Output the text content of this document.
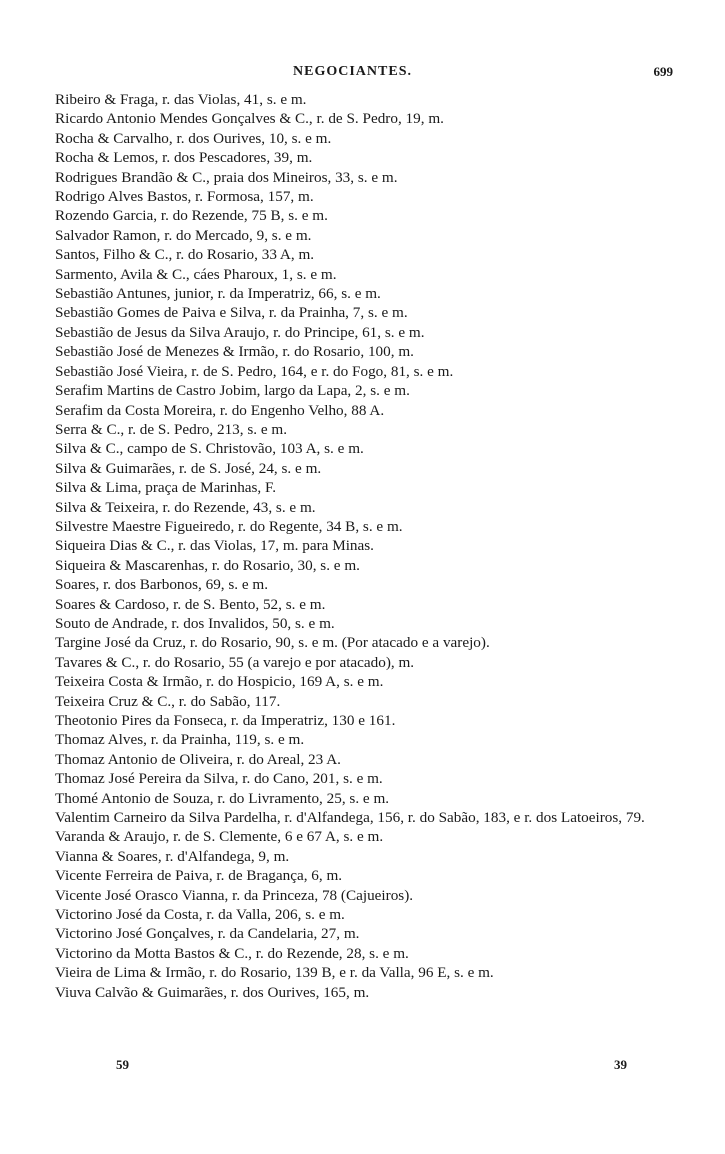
NEGOCIANTES.	699
Ribeiro & Fraga, r. das Violas, 41, s. e m.
Ricardo Antonio Mendes Gonçalves & C., r. de S. Pedro, 19, m.
Rocha & Carvalho, r. dos Ourives, 10, s. e m.
Rocha & Lemos, r. dos Pescadores, 39, m.
Rodrigues Brandão & C., praia dos Mineiros, 33, s. e m.
Rodrigo Alves Bastos, r. Formosa, 157, m.
Rozendo Garcia, r. do Rezende, 75 B, s. e m.
Salvador Ramon, r. do Mercado, 9, s. e m.
Santos, Filho & C., r. do Rosario, 33 A, m.
Sarmento, Avila & C., cáes Pharoux, 1, s. e m.
Sebastião Antunes, junior, r. da Imperatriz, 66, s. e m.
Sebastião Gomes de Paiva e Silva, r. da Prainha, 7, s. e m.
Sebastião de Jesus da Silva Araujo, r. do Principe, 61, s. e m.
Sebastião José de Menezes & Irmão, r. do Rosario, 100, m.
Sebastião José Vieira, r. de S. Pedro, 164, e r. do Fogo, 81, s. e m.
Serafim Martins de Castro Jobim, largo da Lapa, 2, s. e m.
Serafim da Costa Moreira, r. do Engenho Velho, 88 A.
Serra & C., r. de S. Pedro, 213, s. e m.
Silva & C., campo de S. Christovão, 103 A, s. e m.
Silva & Guimarães, r. de S. José, 24, s. e m.
Silva & Lima, praça de Marinhas, F.
Silva & Teixeira, r. do Rezende, 43, s. e m.
Silvestre Maestre Figueiredo, r. do Regente, 34 B, s. e m.
Siqueira Dias & C., r. das Violas, 17, m. para Minas.
Siqueira & Mascarenhas, r. do Rosario, 30, s. e m.
Soares, r. dos Barbonos, 69, s. e m.
Soares & Cardoso, r. de S. Bento, 52, s. e m.
Souto de Andrade, r. dos Invalidos, 50, s. e m.
Targine José da Cruz, r. do Rosario, 90, s. e m. (Por atacado e a varejo).
Tavares & C., r. do Rosario, 55 (a varejo e por atacado), m.
Teixeira Costa & Irmão, r. do Hospicio, 169 A, s. e m.
Teixeira Cruz & C., r. do Sabão, 117.
Theotonio Pires da Fonseca, r. da Imperatriz, 130 e 161.
Thomaz Alves, r. da Prainha, 119, s. e m.
Thomaz Antonio de Oliveira, r. do Areal, 23 A.
Thomaz José Pereira da Silva, r. do Cano, 201, s. e m.
Thomé Antonio de Souza, r. do Livramento, 25, s. e m.
Valentim Carneiro da Silva Pardelha, r. d'Alfandega, 156, r. do Sabão, 183, e r. dos Latoeiros, 79.
Varanda & Araujo, r. de S. Clemente, 6 e 67 A, s. e m.
Vianna & Soares, r. d'Alfandega, 9, m.
Vicente Ferreira de Paiva, r. de Bragança, 6, m.
Vicente José Orasco Vianna, r. da Princeza, 78 (Cajueiros).
Victorino José da Costa, r. da Valla, 206, s. e m.
Victorino José Gonçalves, r. da Candelaria, 27, m.
Victorino da Motta Bastos & C., r. do Rezende, 28, s. e m.
Vieira de Lima & Irmão, r. do Rosario, 139 B, e r. da Valla, 96 E, s. e m.
Viuva Calvão & Guimarães, r. dos Ourives, 165, m.
59	39
